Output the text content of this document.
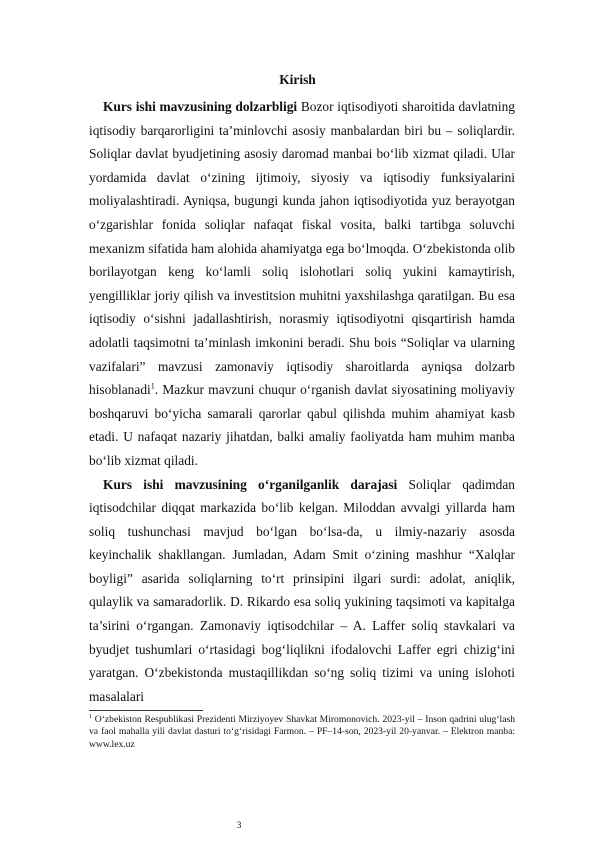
Kirish

Kurs ishi mavzusining dolzarbligi Bozor iqtisodiyoti sharoitida davlatning iqtisodiy barqarorligini ta’minlovchi asosiy manbalardan biri bu – soliqlardir. Soliqlar davlat byudjetining asosiy daromad manbai bo‘lib xizmat qiladi. Ular yordamida davlat o‘zining ijtimoiy, siyosiy va iqtisodiy funksiyalarini moliyalashtiradi. Ayniqsa, bugungi kunda jahon iqtisodiyotida yuz berayotgan o‘zgarishlar fonida soliqlar nafaqat fiskal vosita, balki tartibga soluvchi mexanizm sifatida ham alohida ahamiyatga ega bo‘lmoqda. O‘zbekistonda olib borilayotgan keng ko‘lamli soliq islohotlari soliq yukini kamaytirish, yengilliklar joriy qilish va investitsion muhitni yaxshilashga qaratilgan. Bu esa iqtisodiy o‘sishni jadallashtirish, norasmiy iqtisodiyotni qisqartirish hamda adolatli taqsimotni ta’minlash imkonini beradi. Shu bois “Soliqlar va ularning vazifalari” mavzusi zamonaviy iqtisodiy sharoitlarda ayniqsa dolzarb hisoblanadi$^1$. Mazkur mavzuni chuqur o‘rganish davlat siyosatining moliyaviy boshqaruvi bo‘yicha samarali qarorlar qabul qilishda muhim ahamiyat kasb etadi. U nafaqat nazariy jihatdan, balki amaliy faoliyatda ham muhim manba bo‘lib xizmat qiladi.

Kurs ishi mavzusining o‘rganilganlik darajasi Soliqlar qadimdan iqtisodchilar diqqat markazida bo‘lib kelgan. Miloddan avvalgi yillarda ham soliq tushunchasi mavjud bo‘lgan bo‘lsa-da, u ilmiy-nazariy asosda keyinchalik shakllangan. Jumladan, Adam Smit o‘zining mashhur “Xalqlar boyligi” asarida soliqlarning to‘rt prinsipini ilgari surdi: adolat, aniqlik, qulaylik va samaradorlik. D. Rikardo esa soliq yukining taqsimoti va kapitalga ta’sirini o‘rgangan. Zamonaviy iqtisodchilar – A. Laffer soliq stavkalari va byudjet tushumlari o‘rtasidagi bog‘liqlikni ifodalovchi Laffer egri chizig‘ini yaratgan. O‘zbekistonda mustaqillikdan so‘ng soliq tizimi va uning islohoti masalalari

$^1$ O‘zbekiston Respublikasi Prezidenti Mirziyoyev Shavkat Miromonovich. 2023-yil – Inson qadrini ulug‘lash va faol mahalla yili davlat dasturi to‘g‘risidagi Farmon. – PF–14-son, 2023-yil 20-yanvar. – Elektron manba: www.lex.uz

3
